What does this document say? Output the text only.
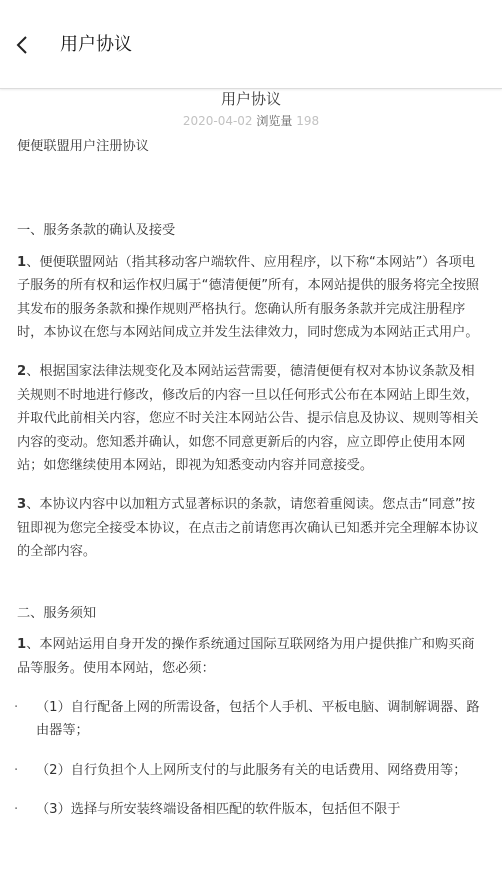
用户协议
用户协议
2020-04-02 浏览量 198

便便联盟用户注册协议

一、服务条款的确认及接受

1、便便联盟网站（指其移动客户端软件、应用程序，以下称“本网站”）各项电子服务的所有权和运作权归属于“德清便便”所有，本网站提供的服务将完全按照其发布的服务条款和操作规则严格执行。您确认所有服务条款并完成注册程序时，本协议在您与本网站间成立并发生法律效力，同时您成为本网站正式用户。

2、根据国家法律法规变化及本网站运营需要，德清便便有权对本协议条款及相关规则不时地进行修改，修改后的内容一旦以任何形式公布在本网站上即生效，并取代此前相关内容，您应不时关注本网站公告、提示信息及协议、规则等相关内容的变动。您知悉并确认，如您不同意更新后的内容，应立即停止使用本网站；如您继续使用本网站，即视为知悉变动内容并同意接受。

3、本协议内容中以加粗方式显著标识的条款，请您着重阅读。您点击“同意”按钮即视为您完全接受本协议，在点击之前请您再次确认已知悉并完全理解本协议的全部内容。

二、服务须知

1、本网站运用自身开发的操作系统通过国际互联网络为用户提供推广和购买商品等服务。使用本网站，您必须：

· （1）自行配备上网的所需设备，包括个人手机、平板电脑、调制解调器、路由器等；
· （2）自行负担个人上网所支付的与此服务有关的电话费用、网络费用等；
· （3）选择与所安装终端设备相匹配的软件版本，包括但不限于
